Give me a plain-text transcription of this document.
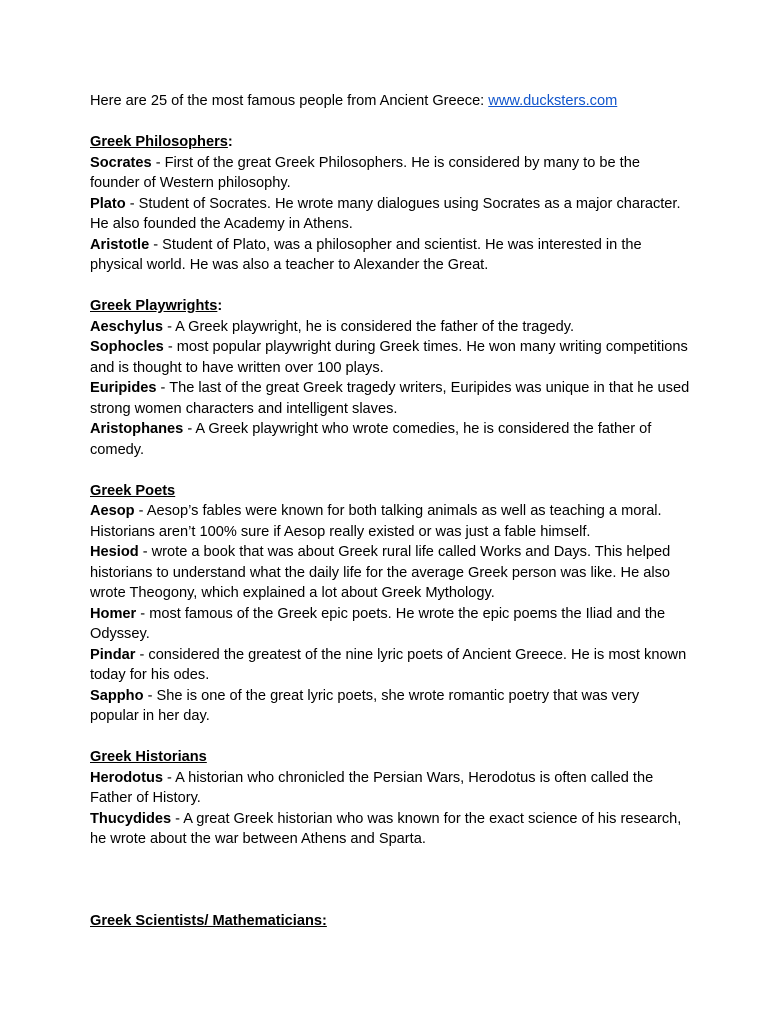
Here are 25 of the most famous people from Ancient Greece: www.ducksters.com

Greek Philosophers:

Socrates - First of the great Greek Philosophers. He is considered by many to be the founder of Western philosophy.

Plato - Student of Socrates. He wrote many dialogues using Socrates as a major character. He also founded the Academy in Athens.

Aristotle - Student of Plato, was a philosopher and scientist. He was interested in the physical world. He was also a teacher to Alexander the Great.

Greek Playwrights:

Aeschylus - A Greek playwright, he is considered the father of the tragedy.

Sophocles - most popular playwright during Greek times. He won many writing competitions and is thought to have written over 100 plays.

Euripides - The last of the great Greek tragedy writers, Euripides was unique in that he used strong women characters and intelligent slaves.

Aristophanes - A Greek playwright who wrote comedies, he is considered the father of comedy.

Greek Poets

Aesop - Aesop’s fables were known for both talking animals as well as teaching a moral. Historians aren’t 100% sure if Aesop really existed or was just a fable himself.

Hesiod - wrote a book that was about Greek rural life called Works and Days. This helped historians to understand what the daily life for the average Greek person was like. He also wrote Theogony, which explained a lot about Greek Mythology.

Homer - most famous of the Greek epic poets. He wrote the epic poems the Iliad and the Odyssey.

Pindar - considered the greatest of the nine lyric poets of Ancient Greece. He is most known today for his odes.

Sappho - She is one of the great lyric poets, she wrote romantic poetry that was very popular in her day.

Greek Historians

Herodotus - A historian who chronicled the Persian Wars, Herodotus is often called the Father of History.

Thucydides - A great Greek historian who was known for the exact science of his research, he wrote about the war between Athens and Sparta.

Greek Scientists/ Mathematicians:
